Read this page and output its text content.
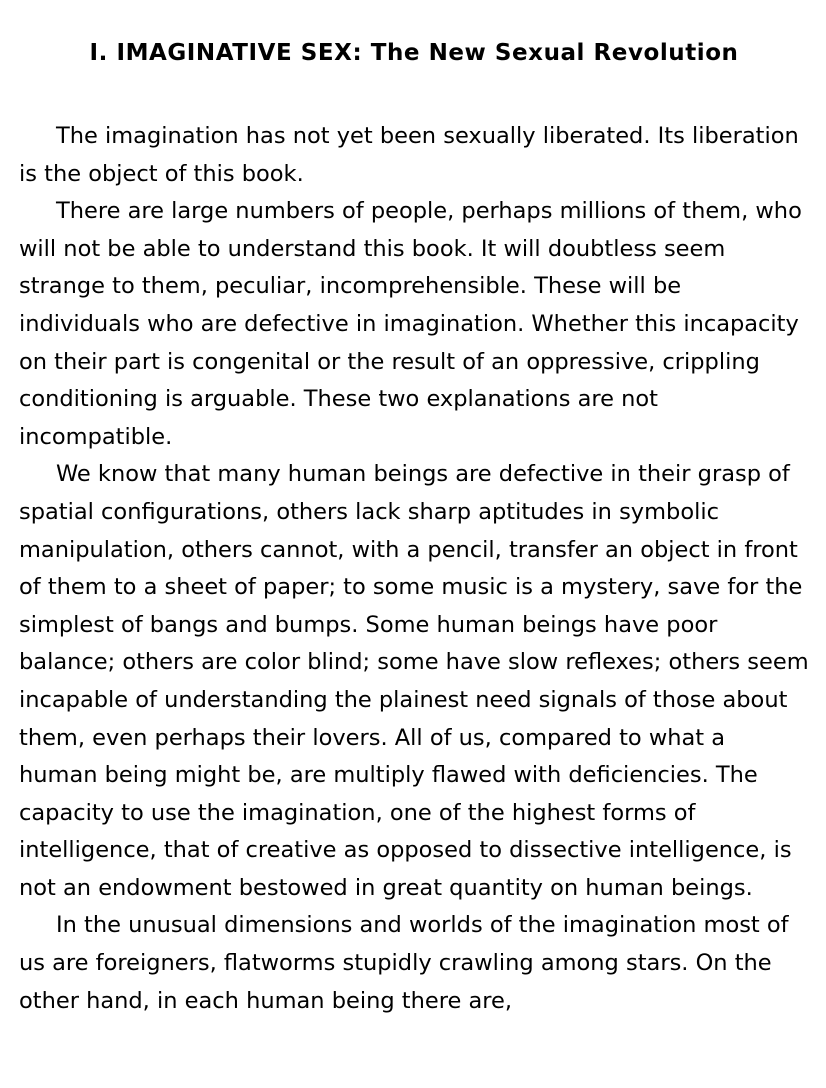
I. IMAGINATIVE SEX: The New Sexual Revolution

The imagination has not yet been sexually liberated. Its liberation is the object of this book.

There are large numbers of people, perhaps millions of them, who will not be able to understand this book. It will doubtless seem strange to them, peculiar, incomprehensible. These will be individuals who are defective in imagination. Whether this incapacity on their part is congenital or the result of an oppressive, crippling conditioning is arguable. These two explanations are not incompatible.

We know that many human beings are defective in their grasp of spatial configurations, others lack sharp aptitudes in symbolic manipulation, others cannot, with a pencil, transfer an object in front of them to a sheet of paper; to some music is a mystery, save for the simplest of bangs and bumps. Some human beings have poor balance; others are color blind; some have slow reflexes; others seem incapable of understanding the plainest need signals of those about them, even perhaps their lovers. All of us, compared to what a human being might be, are multiply flawed with deficiencies. The capacity to use the imagination, one of the highest forms of intelligence, that of creative as opposed to dissective intelligence, is not an endowment bestowed in great quantity on human beings.

In the unusual dimensions and worlds of the imagination most of us are foreigners, flatworms stupidly crawling among stars. On the other hand, in each human being there are,
